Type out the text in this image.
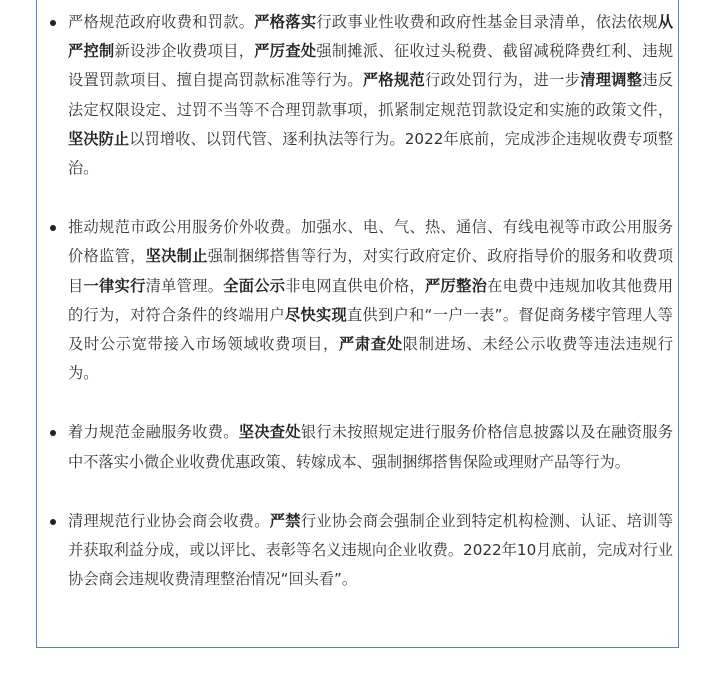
严格规范政府收费和罚款。严格落实行政事业性收费和政府性基金目录清单，依法依规从严控制新设涉企收费项目，严厉查处强制摊派、征收过头税费、截留减税降费红利、违规设置罚款项目、擅自提高罚款标准等行为。严格规范行政处罚行为，进一步清理调整违反法定权限设定、过罚不当等不合理罚款事项，抓紧制定规范罚款设定和实施的政策文件，坚决防止以罚增收、以罚代管、逐利执法等行为。2022年底前，完成涉企违规收费专项整治。
推动规范市政公用服务价外收费。加强水、电、气、热、通信、有线电视等市政公用服务价格监管，坚决制止强制捆绑搭售等行为，对实行政府定价、政府指导价的服务和收费项目一律实行清单管理。全面公示非电网直供电价格，严厉整治在电费中违规加收其他费用的行为，对符合条件的终端用户尽快实现直供到户和“一户一表”。督促商务楼宇管理人等及时公示宽带接入市场领域收费项目，严肃查处限制进场、未经公示收费等违法违规行为。
着力规范金融服务收费。坚决查处银行未按照规定进行服务价格信息披露以及在融资服务中不落实小微企业收费优惠政策、转嫁成本、强制捆绑搭售保险或理财产品等行为。
清理规范行业协会商会收费。严禁行业协会商会强制企业到特定机构检测、认证、培训等并获取利益分成，或以评比、表彰等名义违规向企业收费。2022年10月底前，完成对行业协会商会违规收费清理整治情况“回头看”。
